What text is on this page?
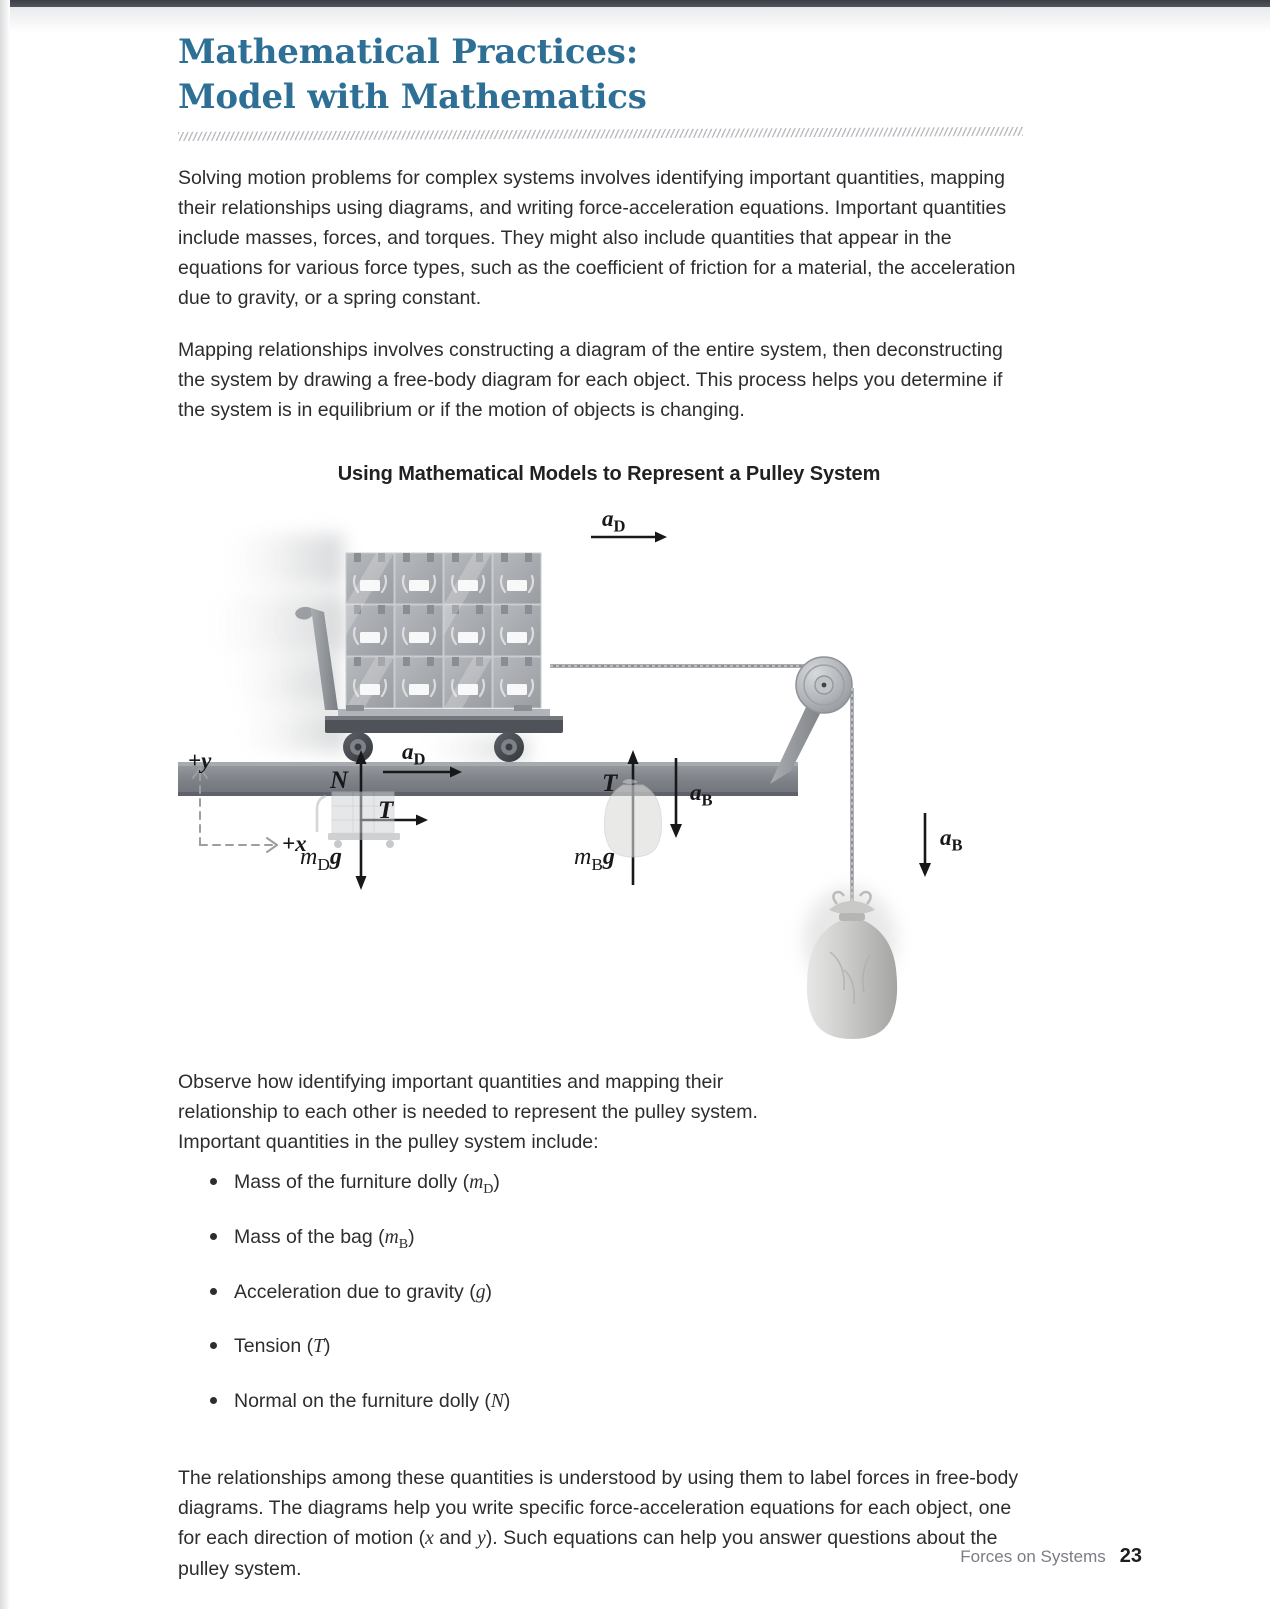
Mathematical Practices:
Model with Mathematics

Solving motion problems for complex systems involves identifying important quantities, mapping their relationships using diagrams, and writing force-acceleration equations. Important quantities include masses, forces, and torques. They might also include quantities that appear in the equations for various force types, such as the coefficient of friction for a material, the acceleration due to gravity, or a spring constant.

Mapping relationships involves constructing a diagram of the entire system, then deconstructing the system by drawing a free-body diagram for each object. This process helps you determine if the system is in equilibrium or if the motion of objects is changing.

Using Mathematical Models to Represent a Pulley System
$a_D$
+y
+x
N
T
$a_D$
$m_Dg$
T
$m_Bg$
$a_B$
$a_B$

Observe how identifying important quantities and mapping their relationship to each other is needed to represent the pulley system. Important quantities in the pulley system include:

Mass of the furniture dolly $(m_D)$
Mass of the bag $(m_B)$
Acceleration due to gravity (g)
Tension (T)
Normal on the furniture dolly (N)

The relationships among these quantities is understood by using them to label forces in free-body diagrams. The diagrams help you write specific force-acceleration equations for each object, one for each direction of motion (x and y). Such equations can help you answer questions about the pulley system.

Forces on Systems 23
